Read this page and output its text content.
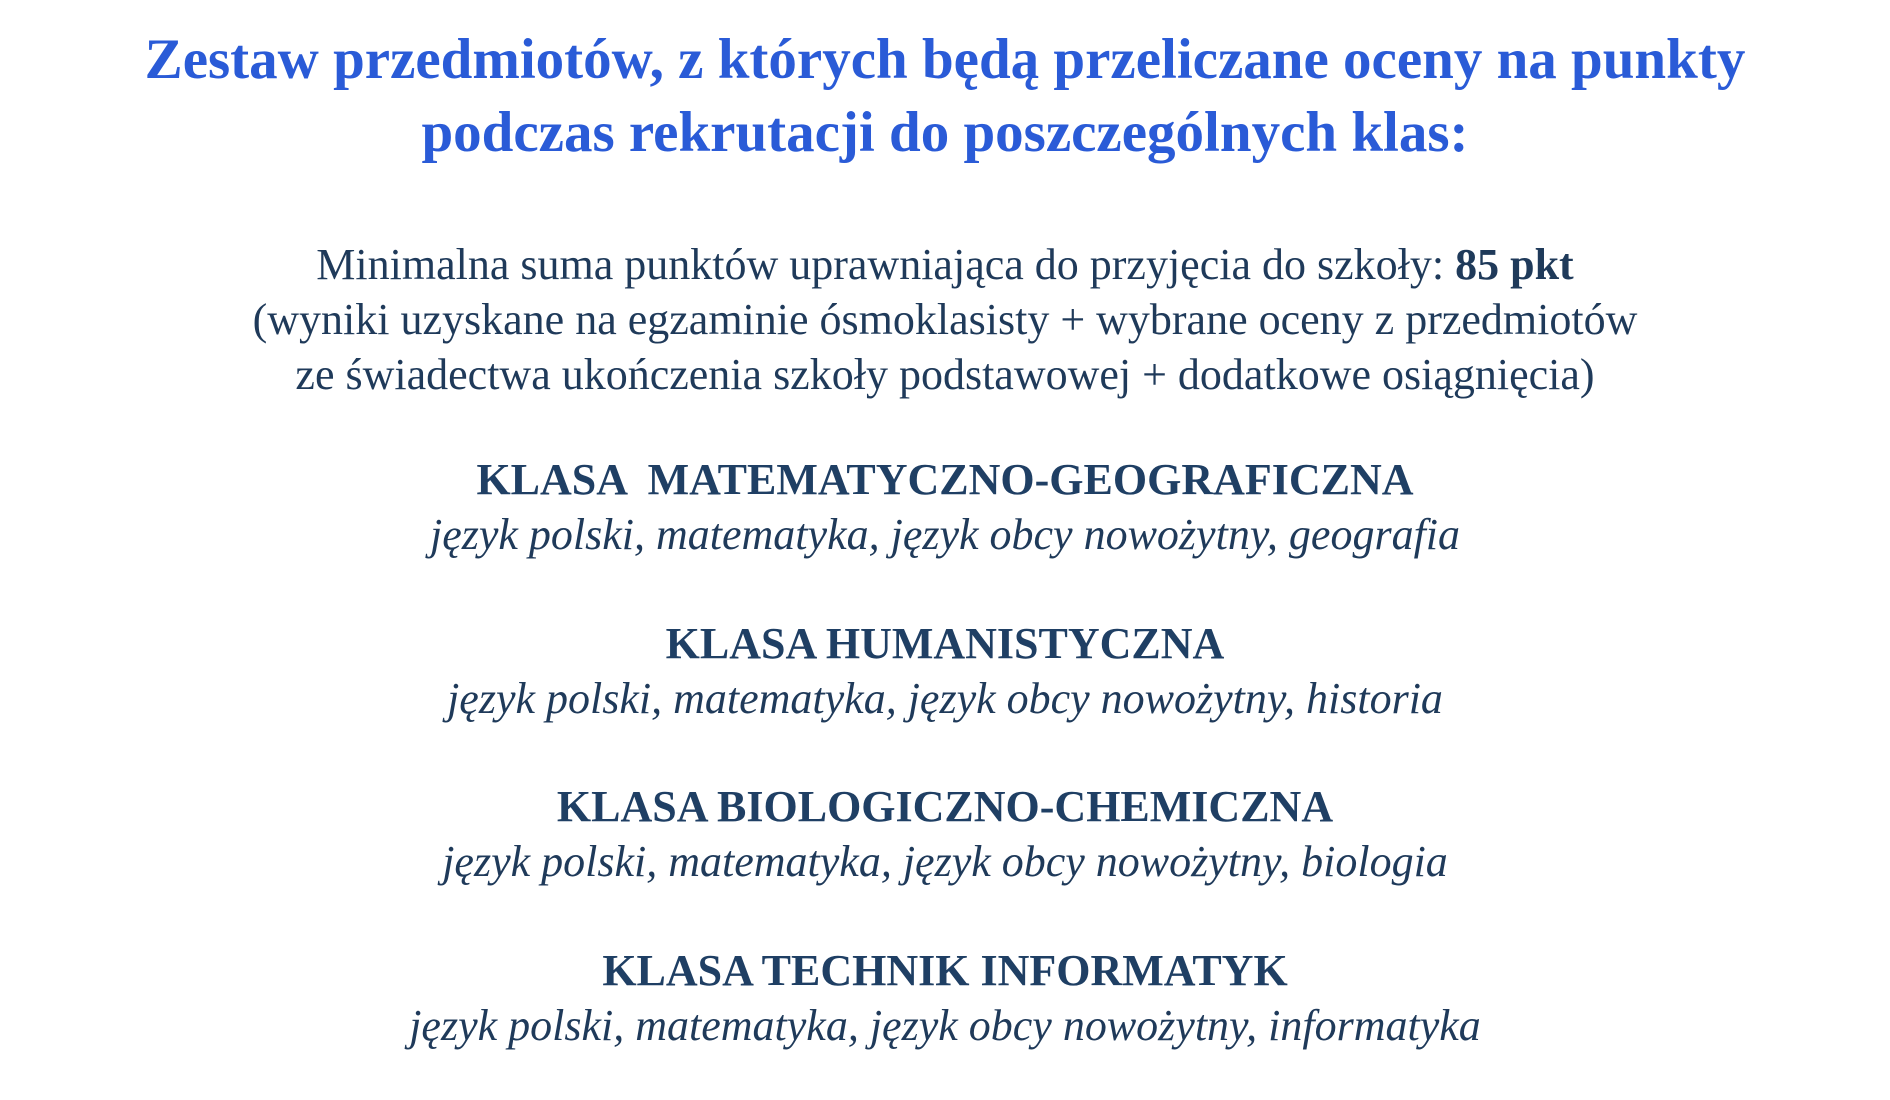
Zestaw przedmiotów, z których będą przeliczane oceny na punkty
podczas rekrutacji do poszczególnych klas:
Minimalna suma punktów uprawniająca do przyjęcia do szkoły: 85 pkt
(wyniki uzyskane na egzaminie ósmoklasisty + wybrane oceny z przedmiotów
ze świadectwa ukończenia szkoły podstawowej + dodatkowe osiągnięcia)
KLASA  MATEMATYCZNO-GEOGRAFICZNA
język polski, matematyka, język obcy nowożytny, geografia
KLASA HUMANISTYCZNA
język polski, matematyka, język obcy nowożytny, historia
KLASA BIOLOGICZNO-CHEMICZNA
język polski, matematyka, język obcy nowożytny, biologia
KLASA TECHNIK INFORMATYK
język polski, matematyka, język obcy nowożytny, informatyka
